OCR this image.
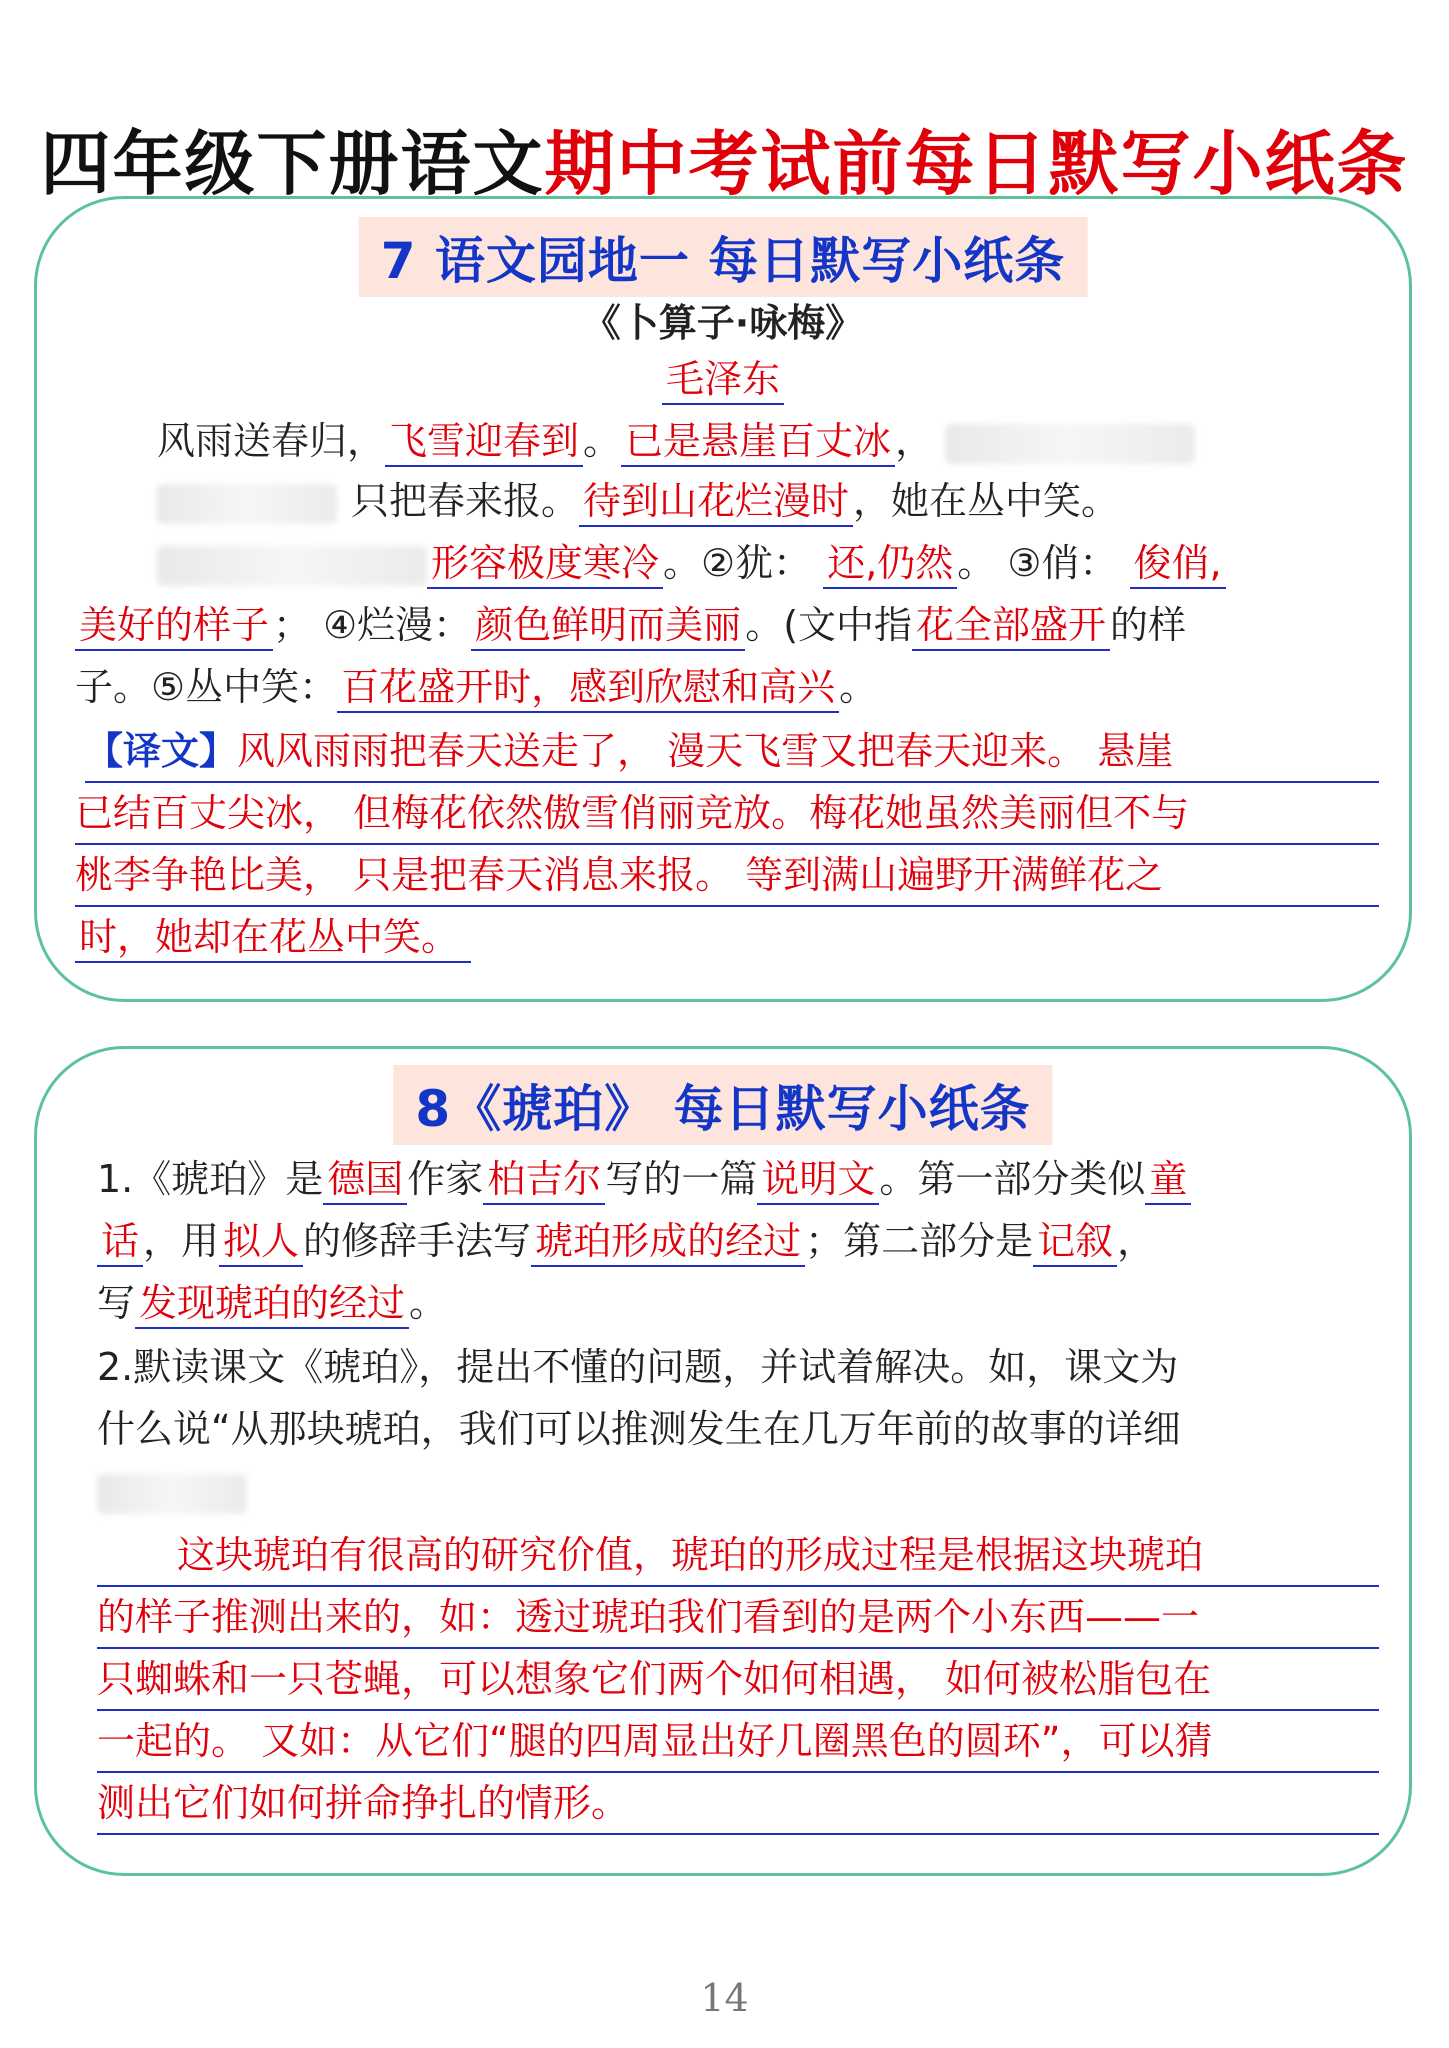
四年级下册语文期中考试前每日默写小纸条
7 语文园地一 每日默写小纸条
《卜算子·咏梅》
毛泽东
风雨送春归， 飞雪迎春到 。 已是悬崖百丈冰 ，
只把春来报。 待到山花烂漫时 ，她在丛中笑。
形容极度寒冷 。②犹： 还,仍然 。 ③俏： 俊俏,
美好的样子 ； ④烂漫： 颜色鲜明而美丽 。(文中指 花全部盛开 的样
子。⑤丛中笑： 百花盛开时，感到欣慰和高兴 。
【译文】风风雨雨把春天送走了， 漫天飞雪又把春天迎来。 悬崖
已结百丈尖冰， 但梅花依然傲雪俏丽竞放。梅花她虽然美丽但不与
桃李争艳比美， 只是把春天消息来报。 等到满山遍野开满鲜花之
时，她却在花丛中笑。
8《琥珀》 每日默写小纸条
1.《琥珀》是 德国 作家 柏吉尔 写的一篇 说明文 。第一部分类似 童
话 ，用 拟人 的修辞手法写 琥珀形成的经过 ；第二部分是 记叙 ，
写 发现琥珀的经过 。
2.默读课文《琥珀》，提出不懂的问题，并试着解决。如，课文为
什么说“从那块琥珀，我们可以推测发生在几万年前的故事的详细
这块琥珀有很高的研究价值，琥珀的形成过程是根据这块琥珀
的样子推测出来的，如：透过琥珀我们看到的是两个小东西——一
只蜘蛛和一只苍蝇，可以想象它们两个如何相遇， 如何被松脂包在
一起的。 又如：从它们“腿的四周显出好几圈黑色的圆环”，可以猜
测出它们如何拼命挣扎的情形。
14
